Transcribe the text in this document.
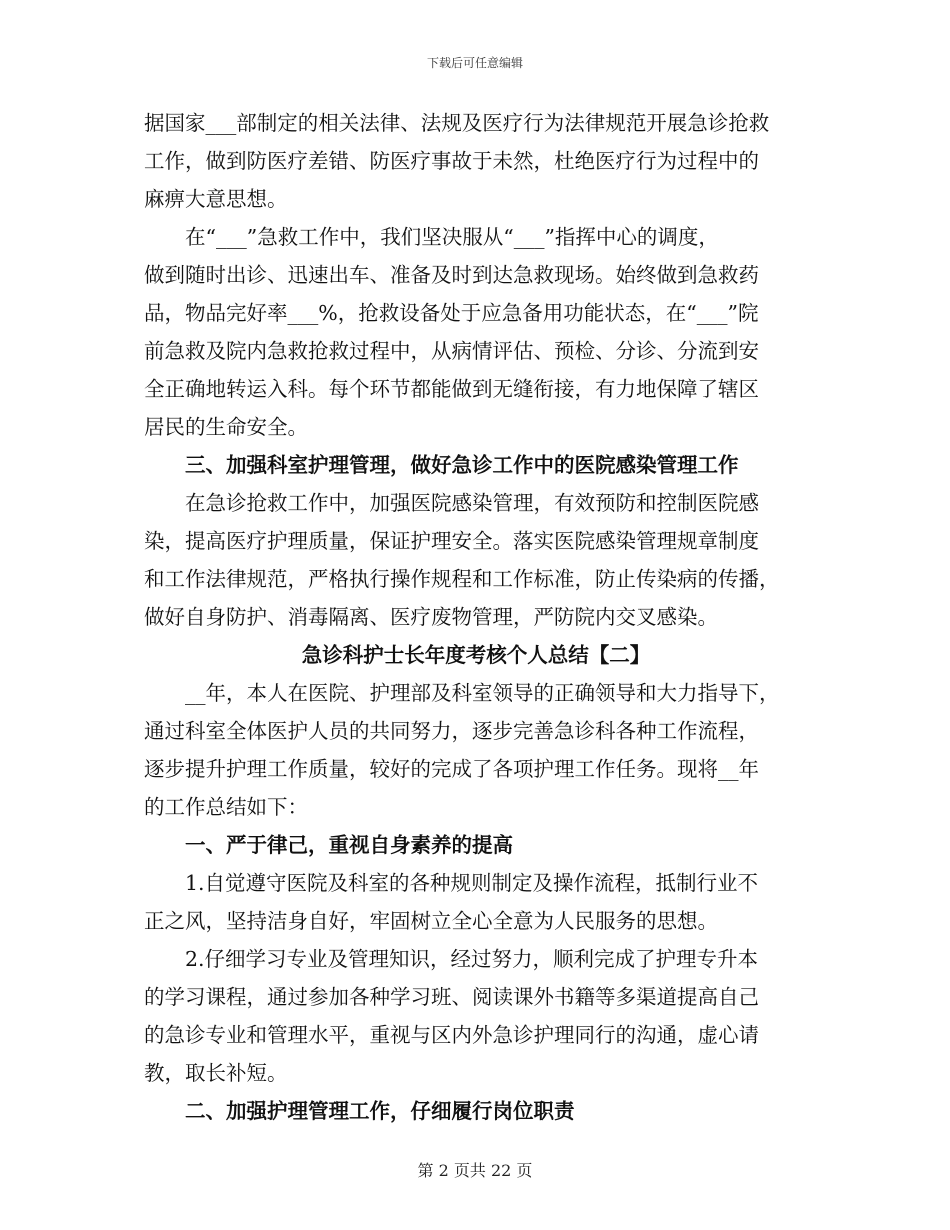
下载后可任意编辑
据国家___部制定的相关法律、法规及医疗行为法律规范开展急诊抢救
工作，做到防医疗差错、防医疗事故于未然，杜绝医疗行为过程中的
麻痹大意思想。
在“___”急救工作中，我们坚决服从“___”指挥中心的调度，
做到随时出诊、迅速出车、准备及时到达急救现场。始终做到急救药
品，物品完好率___%，抢救设备处于应急备用功能状态，在“___”院
前急救及院内急救抢救过程中，从病情评估、预检、分诊、分流到安
全正确地转运入科。每个环节都能做到无缝衔接，有力地保障了辖区
居民的生命安全。
三、加强科室护理管理，做好急诊工作中的医院感染管理工作
在急诊抢救工作中，加强医院感染管理，有效预防和控制医院感
染，提高医疗护理质量，保证护理安全。落实医院感染管理规章制度
和工作法律规范，严格执行操作规程和工作标准，防止传染病的传播，
做好自身防护、消毒隔离、医疗废物管理，严防院内交叉感染。
急诊科护士长年度考核个人总结【二】
__年，本人在医院、护理部及科室领导的正确领导和大力指导下，
通过科室全体医护人员的共同努力，逐步完善急诊科各种工作流程，
逐步提升护理工作质量，较好的完成了各项护理工作任务。现将__年
的工作总结如下：
一、严于律己，重视自身素养的提高
1.自觉遵守医院及科室的各种规则制定及操作流程，抵制行业不
正之风，坚持洁身自好，牢固树立全心全意为人民服务的思想。
2.仔细学习专业及管理知识，经过努力，顺利完成了护理专升本
的学习课程，通过参加各种学习班、阅读课外书籍等多渠道提高自己
的急诊专业和管理水平，重视与区内外急诊护理同行的沟通，虚心请
教，取长补短。
二、加强护理管理工作，仔细履行岗位职责
第 2 页共 22 页
